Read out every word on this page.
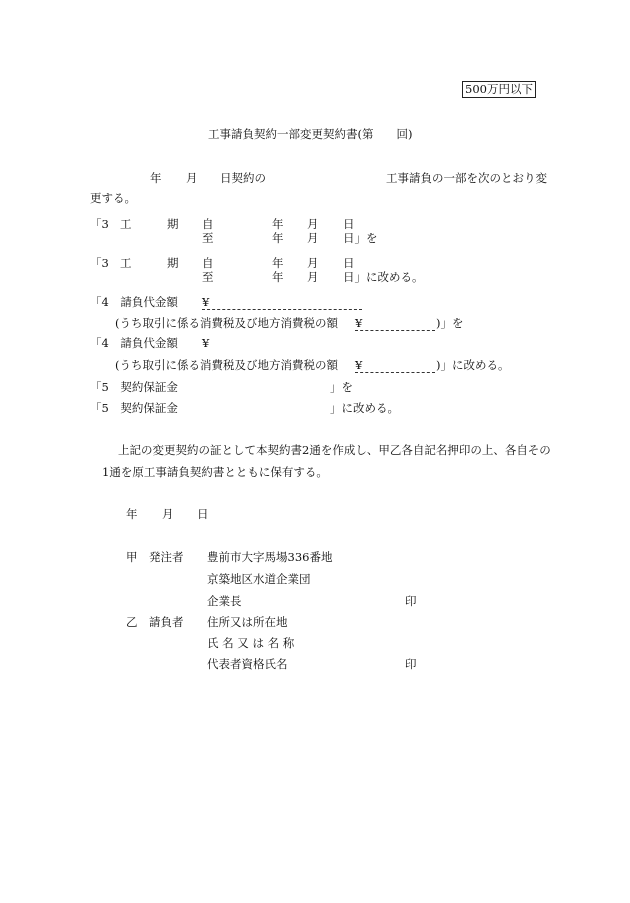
500万円以下
工事請負契約一部変更契約書(第　　回)
年 月 日契約の	工事請負の一部を次のとおり変
更する。
「3 工	期 自	年 月 日
至	年 月 日」を
「3 工	期 自	年 月 日
至	年 月 日」に改める。
「4　請負代金額 ¥
(うち取引に係る消費税及び地方消費税の額 ¥	)」を
「4　請負代金額 ¥
(うち取引に係る消費税及び地方消費税の額 ¥	)」に改める。
「5　契約保証金	」を
「5　契約保証金	」に改める。
上記の変更契約の証として本契約書2通を作成し、甲乙各自記名押印の上、各自その
1通を原工事請負契約書とともに保有する。
年 月 日
甲　発注者 豊前市大字馬場336番地
京築地区水道企業団
企業長	印
乙　請負者 住所又は所在地
氏 名 又 は 名 称
代表者資格氏名	印
